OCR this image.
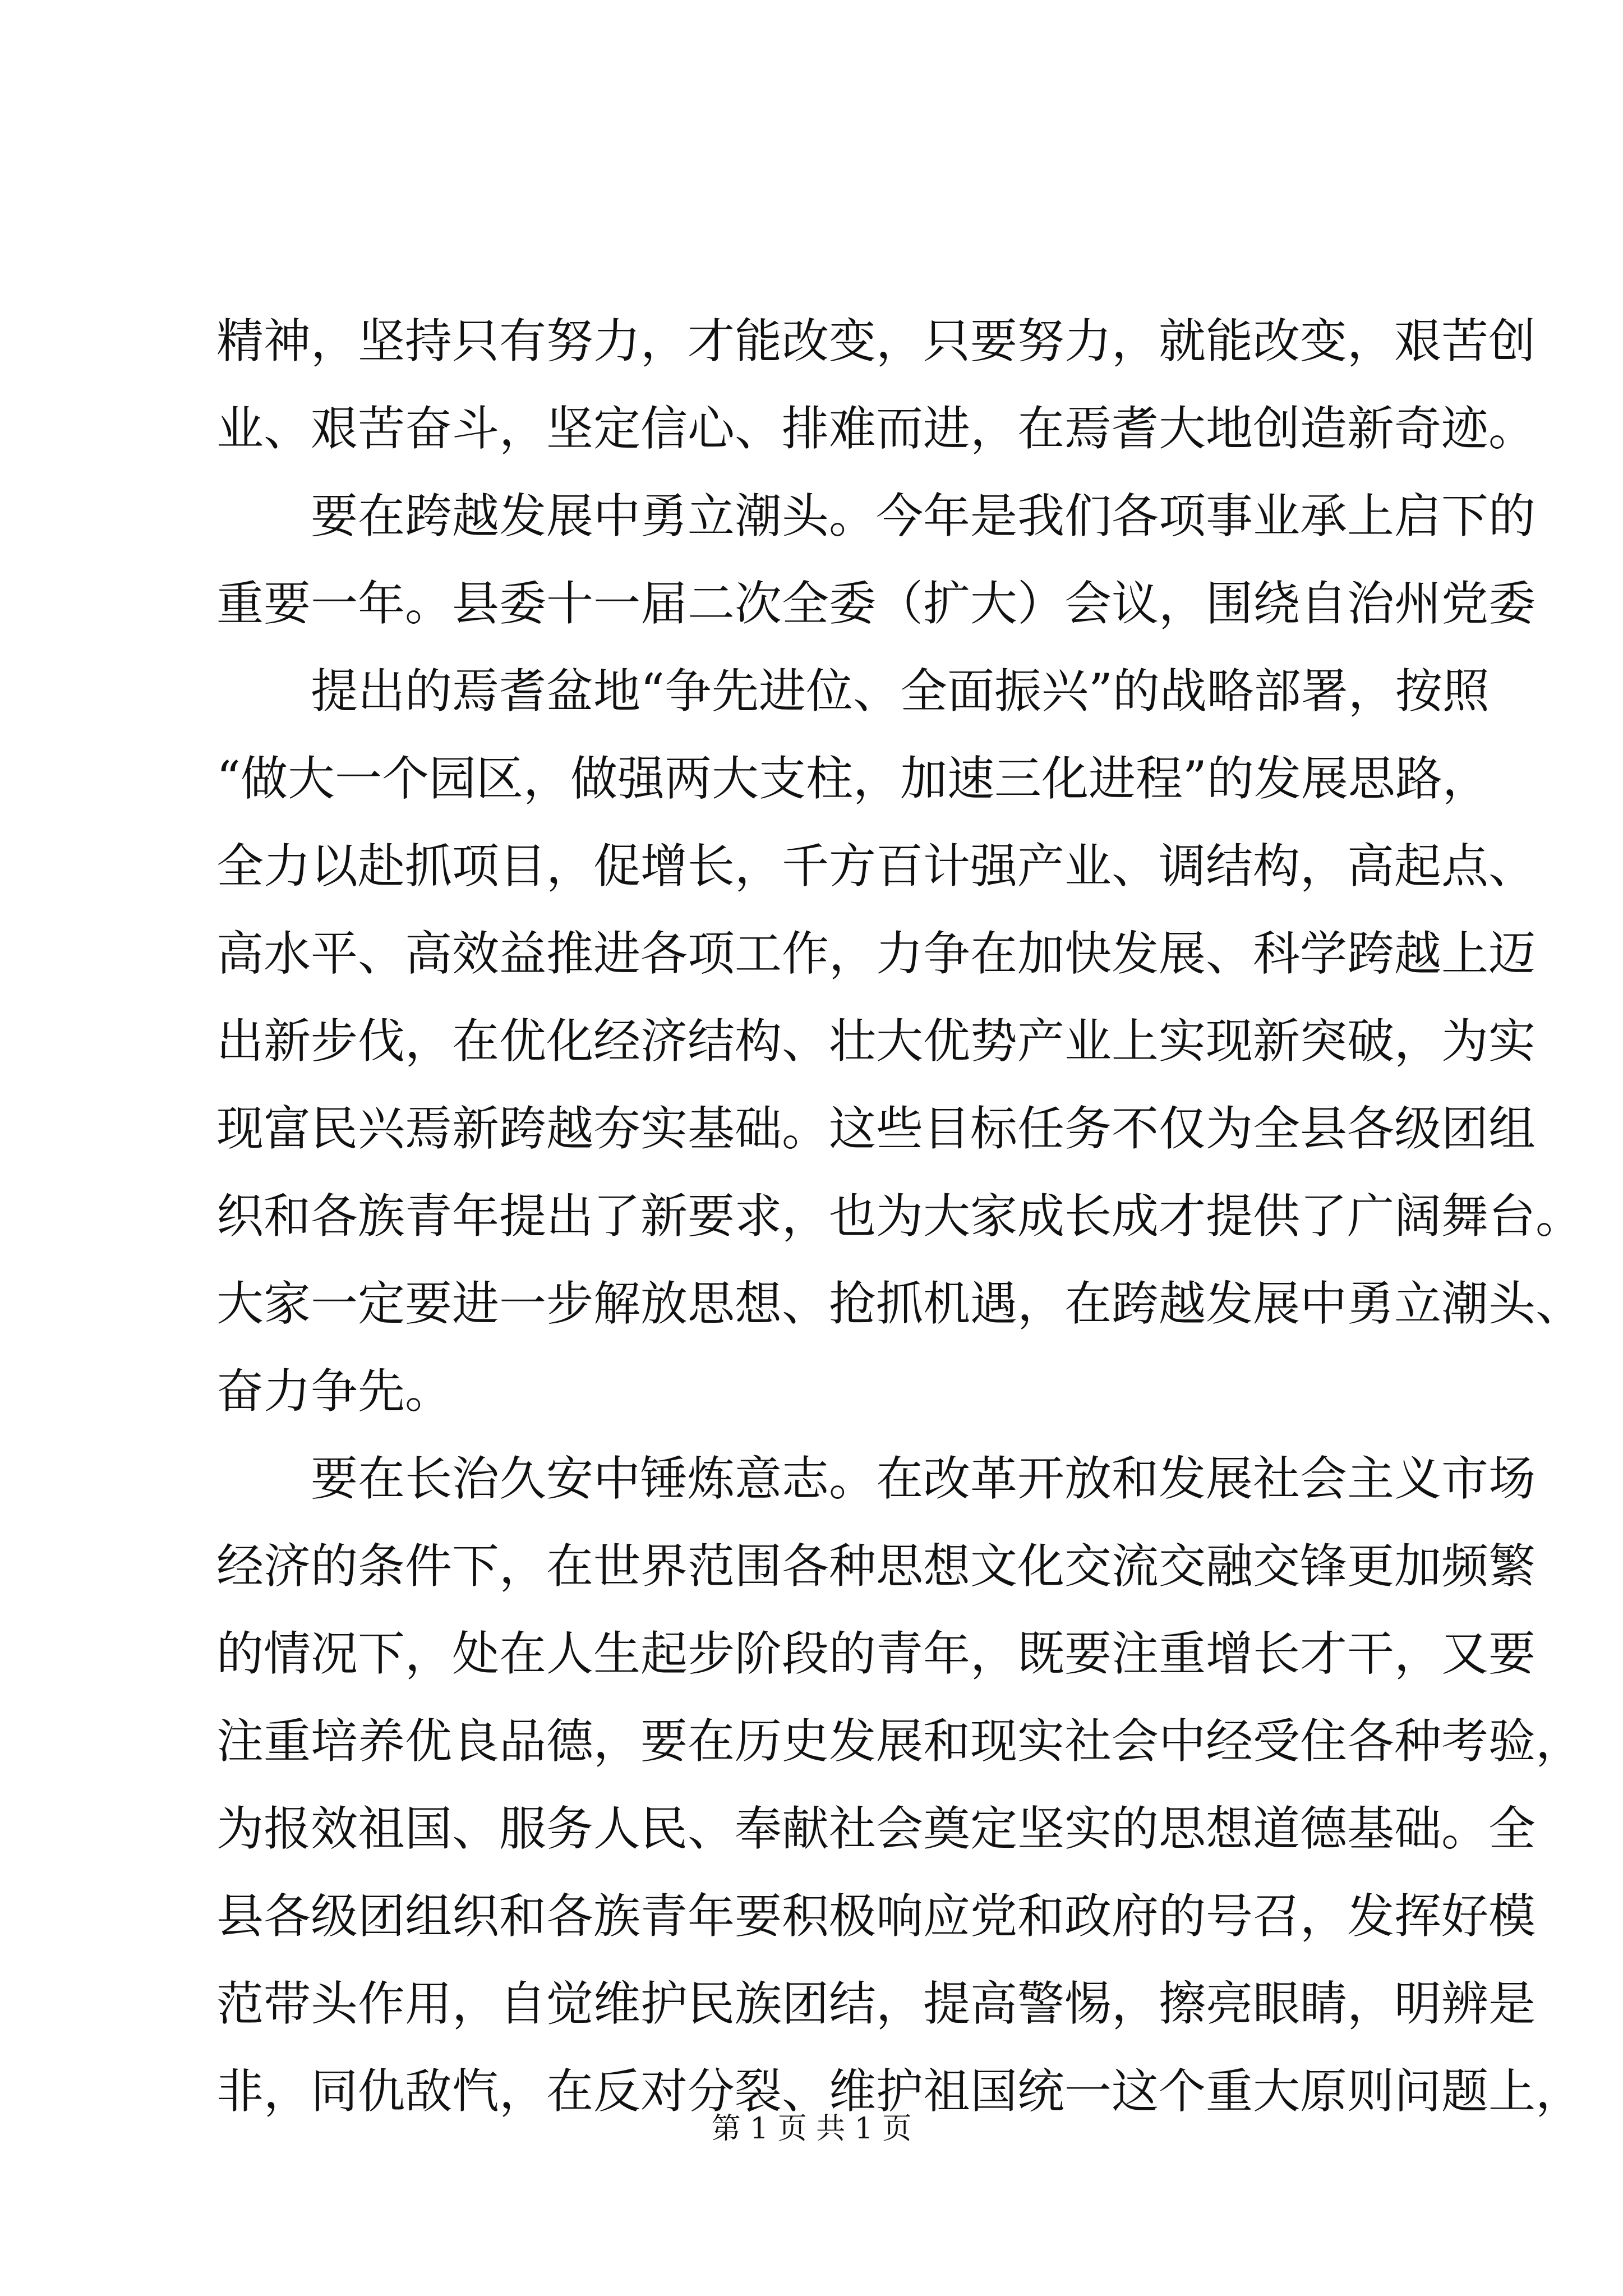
精神，坚持只有努力，才能改变，只要努力，就能改变，艰苦创
业、艰苦奋斗，坚定信心、排难而进，在焉耆大地创造新奇迹。
要在跨越发展中勇立潮头。今年是我们各项事业承上启下的
重要一年。县委十一届二次全委（扩大）会议，围绕自治州党委
提出的焉耆盆地“争先进位、全面振兴”的战略部署，按照
“做大一个园区，做强两大支柱，加速三化进程”的发展思路，
全力以赴抓项目，促增长，千方百计强产业、调结构，高起点、
高水平、高效益推进各项工作，力争在加快发展、科学跨越上迈
出新步伐，在优化经济结构、壮大优势产业上实现新突破，为实
现富民兴焉新跨越夯实基础。这些目标任务不仅为全县各级团组
织和各族青年提出了新要求，也为大家成长成才提供了广阔舞台。
大家一定要进一步解放思想、抢抓机遇，在跨越发展中勇立潮头、
奋力争先。
要在长治久安中锤炼意志。在改革开放和发展社会主义市场
经济的条件下，在世界范围各种思想文化交流交融交锋更加频繁
的情况下，处在人生起步阶段的青年，既要注重增长才干，又要
注重培养优良品德，要在历史发展和现实社会中经受住各种考验，
为报效祖国、服务人民、奉献社会奠定坚实的思想道德基础。全
县各级团组织和各族青年要积极响应党和政府的号召，发挥好模
范带头作用，自觉维护民族团结，提高警惕，擦亮眼睛，明辨是
非，同仇敌忾，在反对分裂、维护祖国统一这个重大原则问题上，
第 1 页 共 1 页
